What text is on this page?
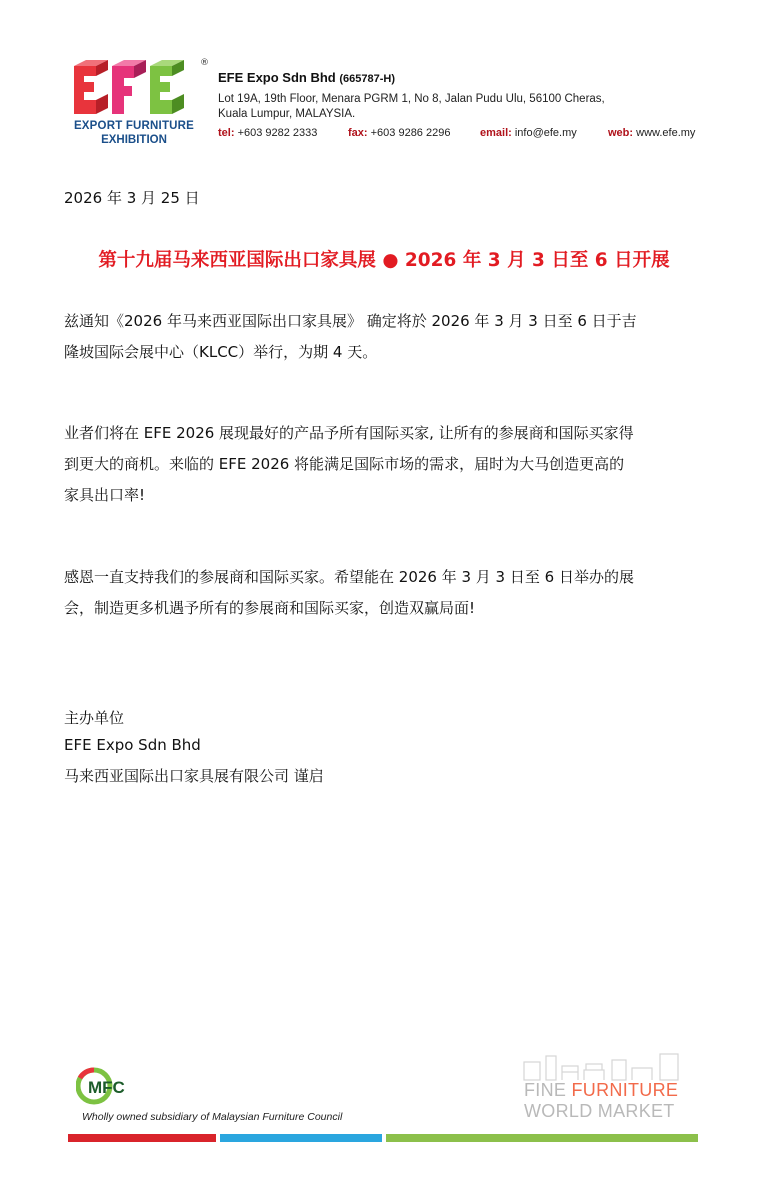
®
EXPORT FURNITURE
EXHIBITION
EFE Expo Sdn Bhd (665787-H)
Lot 19A, 19th Floor, Menara PGRM 1, No 8, Jalan Pudu Ulu, 56100 Cheras,
Kuala Lumpur, MALAYSIA.
tel: +603 9282 2333	fax: +603 9286 2296	email: info@efe.my	web: www.efe.my
2026 年 3 月 25 日
第十九届马来西亚国际出口家具展 ● 2026 年 3 月 3 日至 6 日开展
兹通知《2026 年马来西亚国际出口家具展》 确定将於 2026 年 3 月 3 日至 6 日于吉
隆坡国际会展中心（KLCC）举行，为期 4 天。
业者们将在 EFE 2026 展现最好的产品予所有国际买家, 让所有的参展商和国际买家得
到更大的商机。来临的 EFE 2026 将能满足国际市场的需求，届时为大马创造更高的
家具出口率!
感恩一直支持我们的参展商和国际买家。希望能在 2026 年 3 月 3 日至 6 日举办的展
会，制造更多机遇予所有的参展商和国际买家，创造双赢局面!
主办单位
EFE Expo Sdn Bhd
马来西亚国际出口家具展有限公司 谨启
MFC
Wholly owned subsidiary of Malaysian Furniture Council
FINE FURNITURE
WORLD MARKET
